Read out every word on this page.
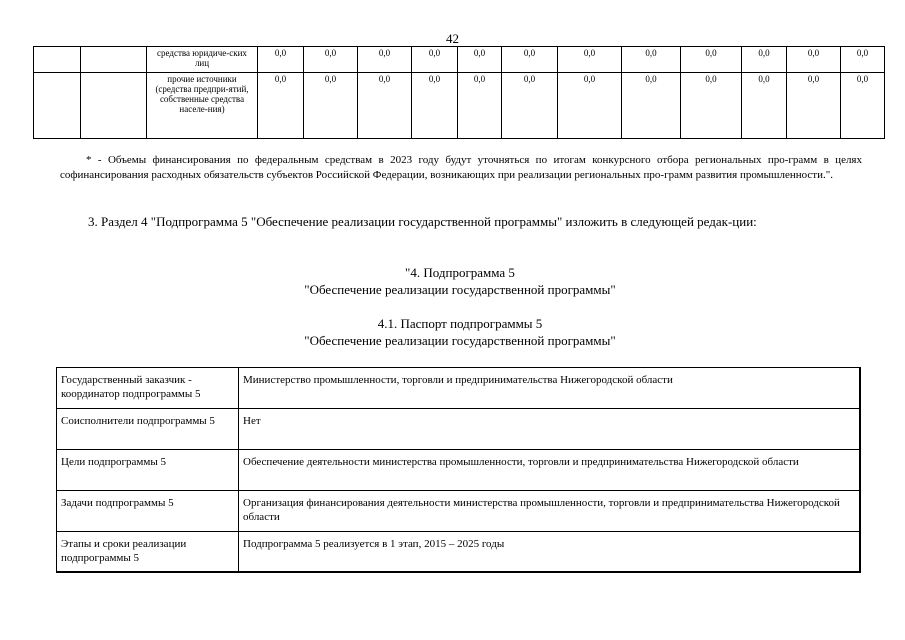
42
		средства юридиче-ских лиц	0,0	0,0	0,0	0,0	0,0	0,0	0,0	0,0	0,0	0,0	0,0	0,0
		прочие источники (средства предпри-ятий, собственные средства населе-ния)	0,0	0,0	0,0	0,0	0,0	0,0	0,0	0,0	0,0	0,0	0,0	0,0
* - Объемы финансирования по федеральным средствам в 2023 году будут уточняться по итогам конкурсного отбора региональных про-грамм в целях софинансирования расходных обязательств субъектов Российской Федерации, возникающих при реализации региональных про-грамм развития промышленности.".
3. Раздел 4 "Подпрограмма 5 "Обеспечение реализации государственной программы" изложить в следующей редак-ции:
"4. Подпрограмма 5
"Обеспечение реализации государственной программы"
4.1. Паспорт подпрограммы 5
"Обеспечение реализации государственной программы"
Государственный заказчик - координатор подпрограммы 5	Министерство промышленности, торговли и предпринимательства Нижегородской области
Соисполнители подпрограммы 5	Нет
Цели подпрограммы 5	Обеспечение деятельности министерства промышленности, торговли и предпринимательства Нижегородской области
Задачи подпрограммы 5	Организация финансирования деятельности министерства промышленности, торговли и предпринимательства Нижегородской области
Этапы и сроки реализации подпрограммы 5	Подпрограмма 5 реализуется в 1 этап, 2015 – 2025 годы
